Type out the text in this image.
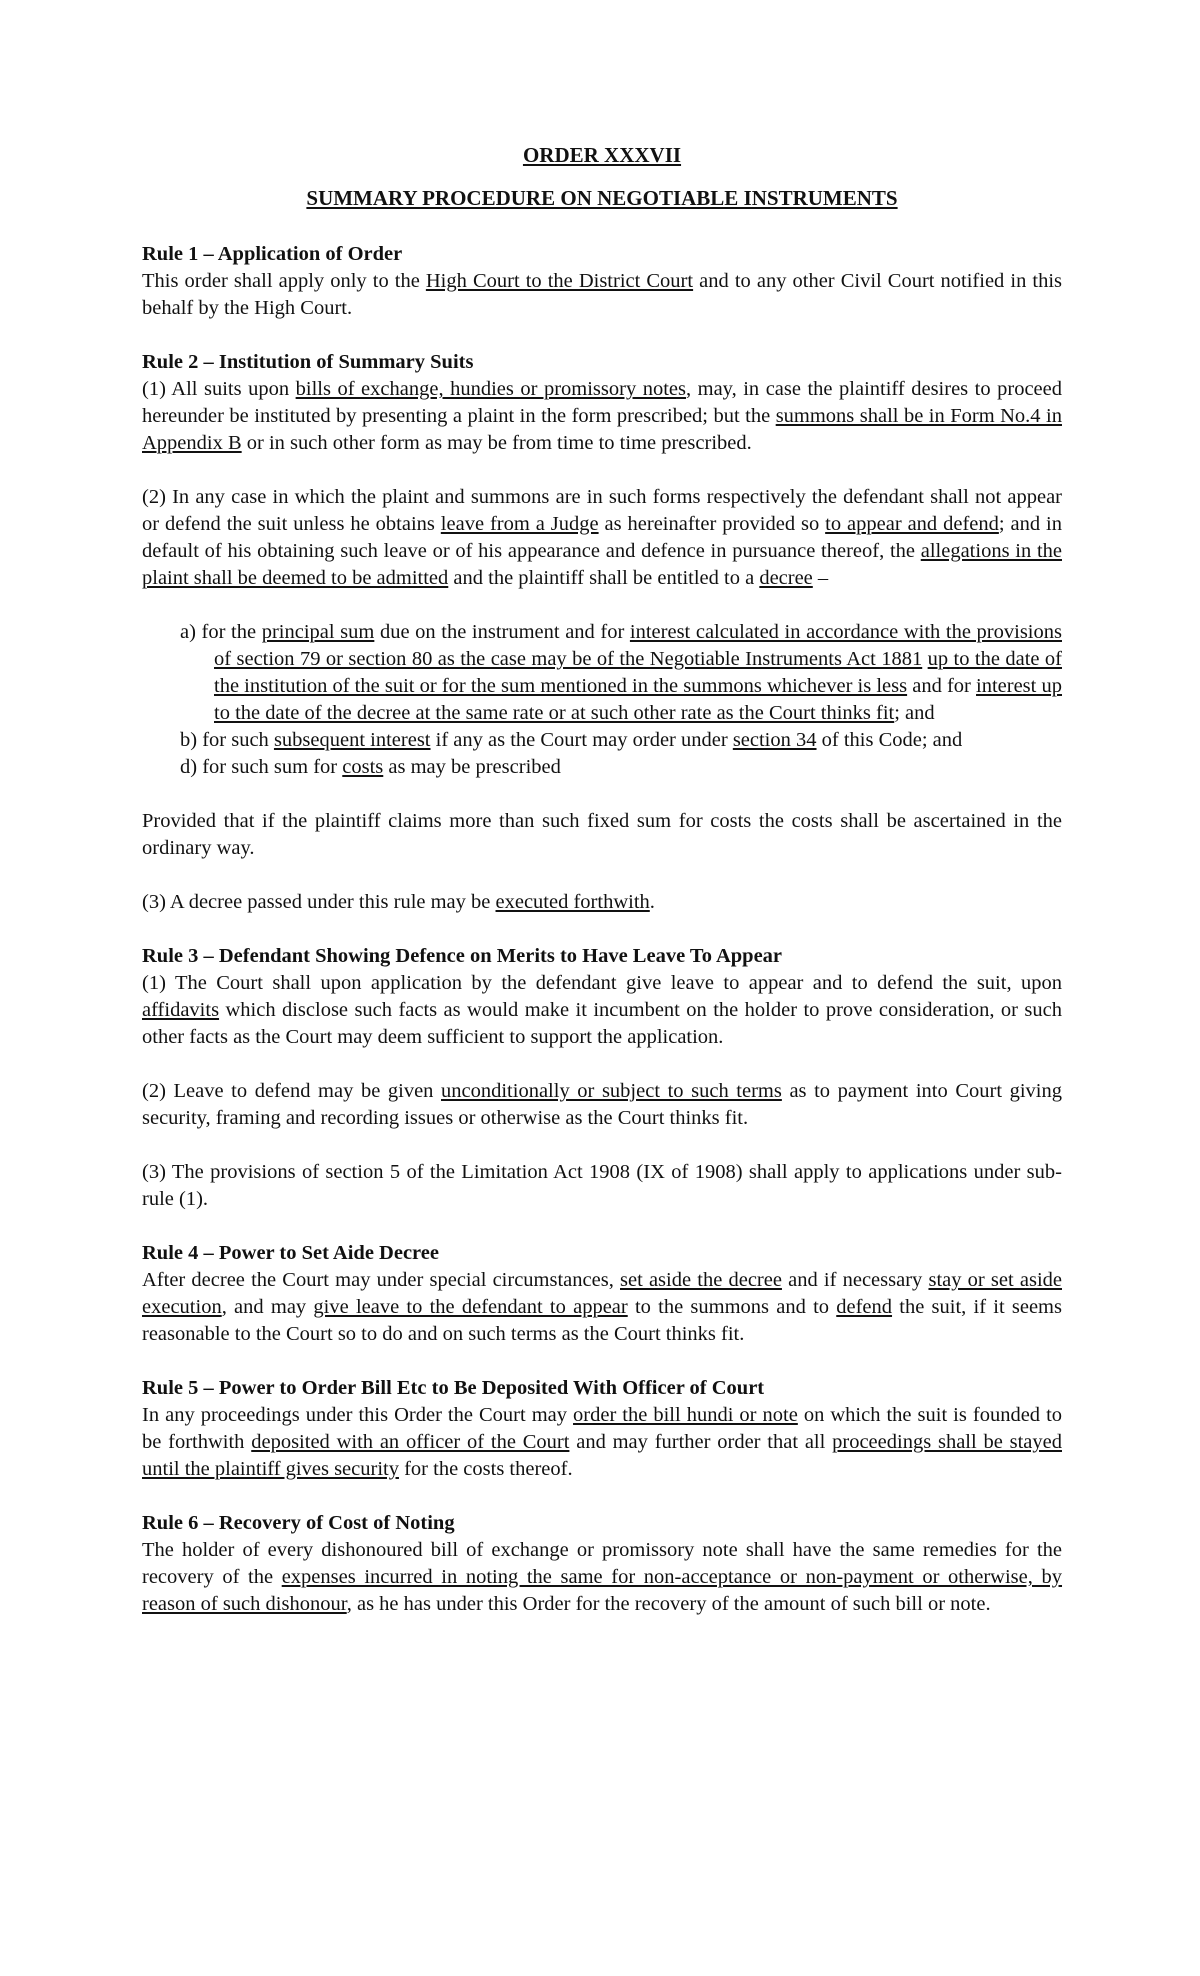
ORDER XXXVII
SUMMARY PROCEDURE ON NEGOTIABLE INSTRUMENTS
Rule 1 – Application of Order

This order shall apply only to the High Court to the District Court and to any other Civil Court notified in this behalf by the High Court.

Rule 2 – Institution of Summary Suits

(1) All suits upon bills of exchange, hundies or promissory notes, may, in case the plaintiff desires to proceed hereunder be instituted by presenting a plaint in the form prescribed; but the summons shall be in Form No.4 in Appendix B or in such other form as may be from time to time prescribed.

(2) In any case in which the plaint and summons are in such forms respectively the defendant shall not appear or defend the suit unless he obtains leave from a Judge as hereinafter provided so to appear and defend; and in default of his obtaining such leave or of his appearance and defence in pursuance thereof, the allegations in the plaint shall be deemed to be admitted and the plaintiff shall be entitled to a decree –

a) for the principal sum due on the instrument and for interest calculated in accordance with the provisions of section 79 or section 80 as the case may be of the Negotiable Instruments Act 1881 up to the date of the institution of the suit or for the sum mentioned in the summons whichever is less and for interest up to the date of the decree at the same rate or at such other rate as the Court thinks fit; and
b) for such subsequent interest if any as the Court may order under section 34 of this Code; and
d) for such sum for costs as may be prescribed

Provided that if the plaintiff claims more than such fixed sum for costs the costs shall be ascertained in the ordinary way.

(3) A decree passed under this rule may be executed forthwith.

Rule 3 – Defendant Showing Defence on Merits to Have Leave To Appear

(1) The Court shall upon application by the defendant give leave to appear and to defend the suit, upon affidavits which disclose such facts as would make it incumbent on the holder to prove consideration, or such other facts as the Court may deem sufficient to support the application.

(2) Leave to defend may be given unconditionally or subject to such terms as to payment into Court giving security, framing and recording issues or otherwise as the Court thinks fit.

(3) The provisions of section 5 of the Limitation Act 1908 (IX of 1908) shall apply to applications under sub-rule (1).

Rule 4 – Power to Set Aide Decree

After decree the Court may under special circumstances, set aside the decree and if necessary stay or set aside execution, and may give leave to the defendant to appear to the summons and to defend the suit, if it seems reasonable to the Court so to do and on such terms as the Court thinks fit.

Rule 5 – Power to Order Bill Etc to Be Deposited With Officer of Court

In any proceedings under this Order the Court may order the bill hundi or note on which the suit is founded to be forthwith deposited with an officer of the Court and may further order that all proceedings shall be stayed until the plaintiff gives security for the costs thereof.

Rule 6 – Recovery of Cost of Noting

The holder of every dishonoured bill of exchange or promissory note shall have the same remedies for the recovery of the expenses incurred in noting the same for non-acceptance or non-payment or otherwise, by reason of such dishonour, as he has under this Order for the recovery of the amount of such bill or note.
